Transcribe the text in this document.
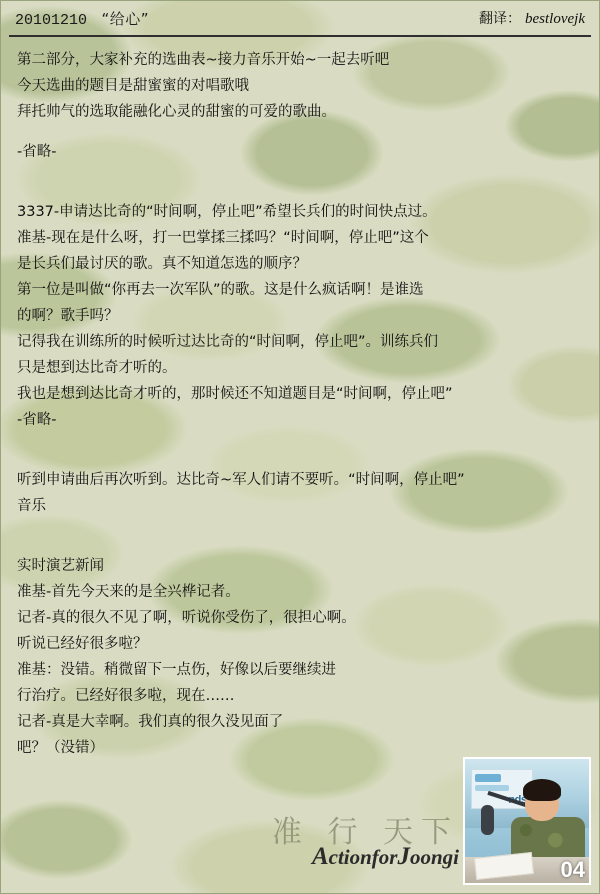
20101210 “给心”	翻译： bestlovejk

第二部分，大家补充的选曲表~接力音乐开始~一起去听吧

今天选曲的题目是甜蜜蜜的对唱歌哦

拜托帅气的选取能融化心灵的甜蜜的可爱的歌曲。

-省略-

3337-申请达比奇的“时间啊，停止吧”希望长兵们的时间快点过。

准基-现在是什么呀，打一巴掌揉三揉吗？“时间啊，停止吧”这个

是长兵们最讨厌的歌。真不知道怎选的顺序？

第一位是叫做“你再去一次军队”的歌。这是什么疯话啊！是谁选

的啊？歌手吗？

记得我在训练所的时候听过达比奇的“时间啊，停止吧”。训练兵们

只是想到达比奇才听的。

我也是想到达比奇才听的，那时候还不知道题目是“时间啊，停止吧”

-省略-

听到申请曲后再次听到。达比奇~军人们请不要听。“时间啊，停止吧”

音乐

实时演艺新闻

准基-首先今天来的是全兴桦记者。

记者-真的很久不见了啊，听说你受伤了，很担心啊。

听说已经好很多啦？

准基：没错。稍微留下一点伤，好像以后要继续进

行治疗。已经好很多啦，现在……

记者-真是大幸啊。我们真的很久没见面了

吧？（没错）

准 行 天下
ActionforJoongi	04
